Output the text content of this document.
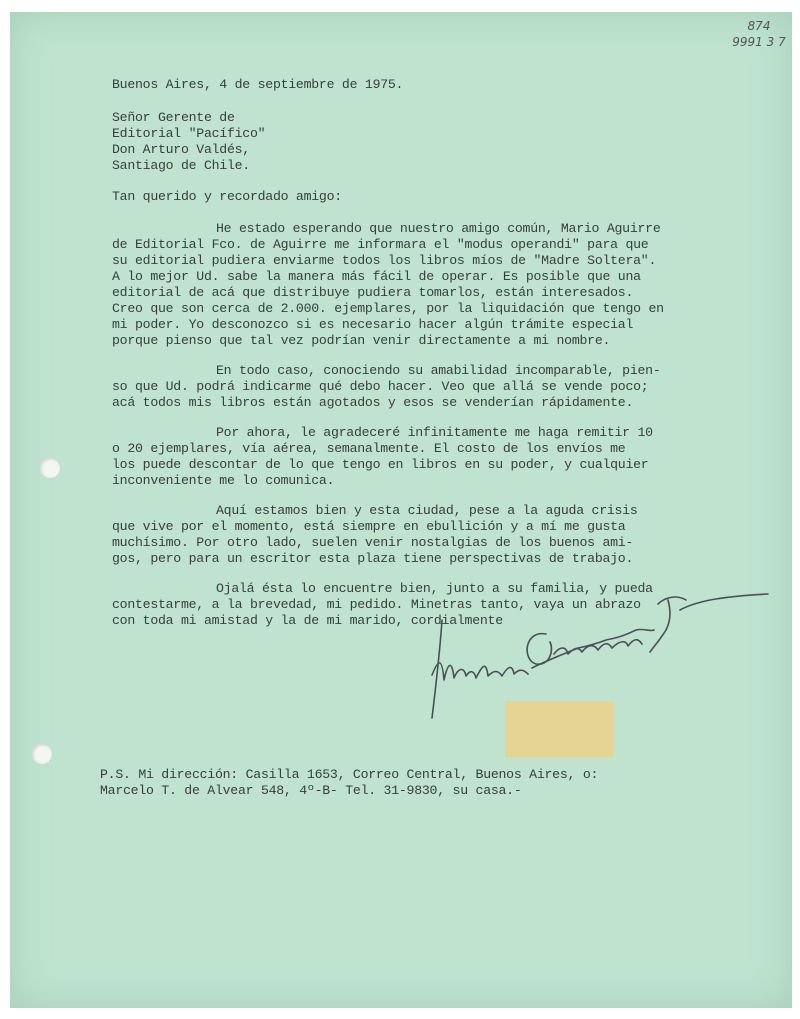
874
9991 3 7
Buenos Aires, 4 de septiembre de 1975.
Señor Gerente de
Editorial "Pacífico"
Don Arturo Valdés,
Santiago de Chile.
Tan querido y recordado amigo:
He estado esperando que nuestro amigo común, Mario Aguirre
de Editorial Fco. de Aguirre me informara el "modus operandi" para que
su editorial pudiera enviarme todos los libros míos de "Madre Soltera".
A lo mejor Ud. sabe la manera más fácil de operar. Es posible que una
editorial de acá que distribuye pudiera tomarlos, están interesados.
Creo que son cerca de 2.000. ejemplares, por la liquidación que tengo en
mi poder. Yo desconozco si es necesario hacer algún trámite especial
porque pienso que tal vez podrían venir directamente a mi nombre.
En todo caso, conociendo su amabilidad incomparable, pien-
so que Ud. podrá indicarme qué debo hacer. Veo que allá se vende poco;
acá todos mis libros están agotados y esos se venderían rápidamente.
Por ahora, le agradeceré infinitamente me haga remitir 10
o 20 ejemplares, vía aérea, semanalmente. El costo de los envíos me
los puede descontar de lo que tengo en libros en su poder, y cualquier
inconveniente me lo comunica.
Aquí estamos bien y esta ciudad, pese a la aguda crisis
que vive por el momento, está siempre en ebullición y a mí me gusta
muchísimo. Por otro lado, suelen venir nostalgias de los buenos ami-
gos, pero para un escritor esta plaza tiene perspectivas de trabajo.
Ojalá ésta lo encuentre bien, junto a su familia, y pueda
contestarme, a la brevedad, mi pedido. Minetras tanto, vaya un abrazo
con toda mi amistad y la de mi marido, cordialmente
P.S. Mi dirección: Casilla 1653, Correo Central, Buenos Aires, o:
Marcelo T. de Alvear 548, 4º-B- Tel. 31-9830, su casa.-
